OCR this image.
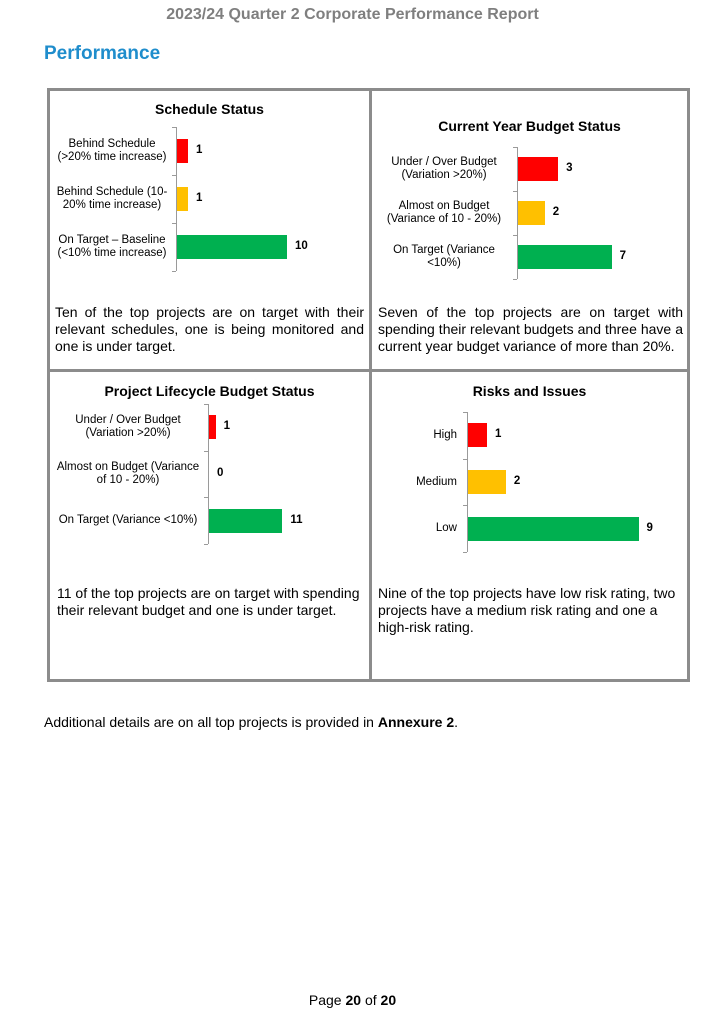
2023/24 Quarter 2 Corporate Performance Report
Performance
Schedule Status
Behind Schedule (>20% time increase)
1
Behind Schedule (10-20% time increase)
1
On Target – Baseline (<10% time increase)
10
Ten of the top projects are on target with their relevant schedules, one is being monitored and one is under target.
Current Year Budget Status
Under / Over Budget (Variation >20%)
3
Almost on Budget (Variance of 10 - 20%)
2
On Target (Variance <10%)
7
Seven of the top projects are on target with spending their relevant budgets and three have a current year budget variance of more than 20%.
Project Lifecycle Budget Status
Under / Over Budget (Variation >20%)
1
Almost on Budget (Variance of 10 - 20%)
0
On Target (Variance <10%)	11
11 of the top projects are on target with spending their relevant budget and one is under target.
Risks and Issues
High	1
Medium	2
Low	9
Nine of the top projects have low risk rating, two projects have a medium risk rating and one a high-risk rating.
Additional details are on all top projects is provided in Annexure 2.
Page 20 of 20
